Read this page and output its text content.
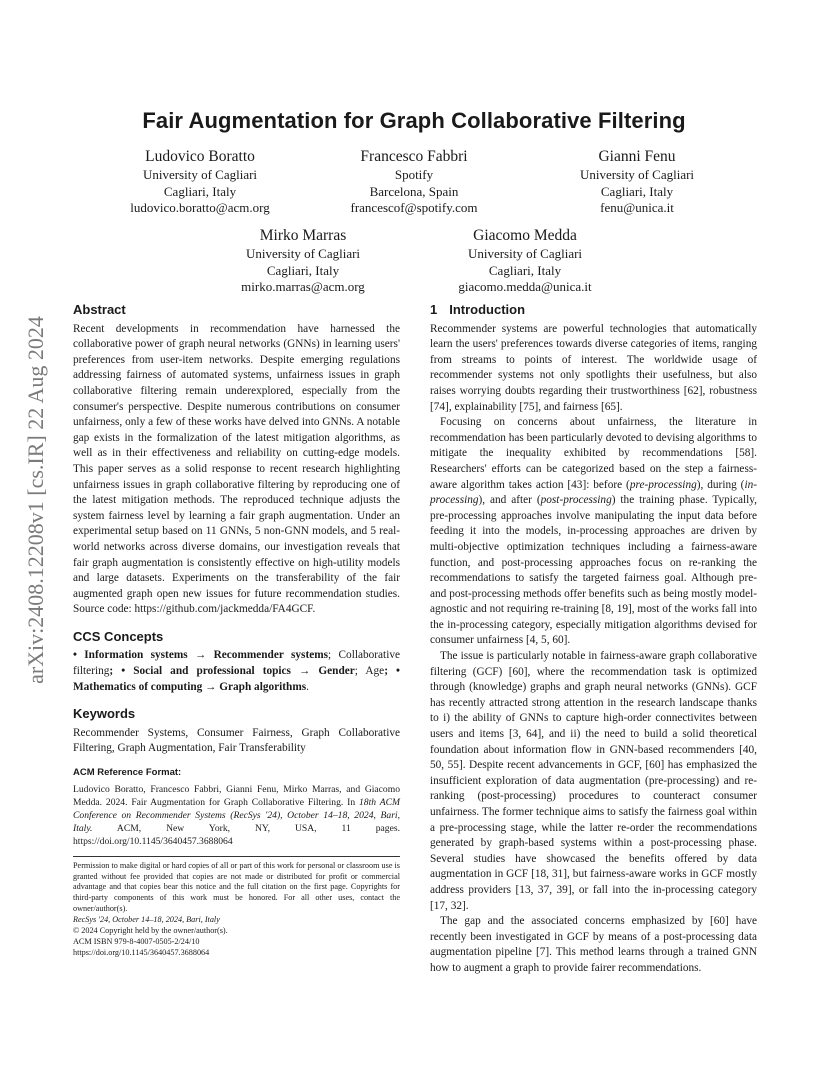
Fair Augmentation for Graph Collaborative Filtering
Ludovico Boratto
University of Cagliari
Cagliari, Italy
ludovico.boratto@acm.org
Francesco Fabbri
Spotify
Barcelona, Spain
francescof@spotify.com
Gianni Fenu
University of Cagliari
Cagliari, Italy
fenu@unica.it
Mirko Marras
University of Cagliari
Cagliari, Italy
mirko.marras@acm.org
Giacomo Medda
University of Cagliari
Cagliari, Italy
giacomo.medda@unica.it
arXiv:2408.12208v1 [cs.IR] 22 Aug 2024
Abstract

Recent developments in recommendation have harnessed the collaborative power of graph neural networks (GNNs) in learning users' preferences from user-item networks. Despite emerging regulations addressing fairness of automated systems, unfairness issues in graph collaborative filtering remain underexplored, especially from the consumer's perspective. Despite numerous contributions on consumer unfairness, only a few of these works have delved into GNNs. A notable gap exists in the formalization of the latest mitigation algorithms, as well as in their effectiveness and reliability on cutting-edge models. This paper serves as a solid response to recent research highlighting unfairness issues in graph collaborative filtering by reproducing one of the latest mitigation methods. The reproduced technique adjusts the system fairness level by learning a fair graph augmentation. Under an experimental setup based on 11 GNNs, 5 non-GNN models, and 5 real-world networks across diverse domains, our investigation reveals that fair graph augmentation is consistently effective on high-utility models and large datasets. Experiments on the transferability of the fair augmented graph open new issues for future recommendation studies. Source code: https://github.com/jackmedda/FA4GCF.

CCS Concepts

• Information systems → Recommender systems; Collaborative filtering; • Social and professional topics → Gender; Age; • Mathematics of computing → Graph algorithms.

Keywords

Recommender Systems, Consumer Fairness, Graph Collaborative Filtering, Graph Augmentation, Fair Transferability

ACM Reference Format:

Ludovico Boratto, Francesco Fabbri, Gianni Fenu, Mirko Marras, and Giacomo Medda. 2024. Fair Augmentation for Graph Collaborative Filtering. In 18th ACM Conference on Recommender Systems (RecSys '24), October 14–18, 2024, Bari, Italy. ACM, New York, NY, USA, 11 pages. https://doi.org/10.1145/3640457.3688064

Permission to make digital or hard copies of all or part of this work for personal or classroom use is granted without fee provided that copies are not made or distributed for profit or commercial advantage and that copies bear this notice and the full citation on the first page. Copyrights for third-party components of this work must be honored. For all other uses, contact the owner/author(s).

RecSys '24, October 14–18, 2024, Bari, Italy
© 2024 Copyright held by the owner/author(s).
ACM ISBN 979-8-4007-0505-2/24/10
https://doi.org/10.1145/3640457.3688064
1 Introduction

Recommender systems are powerful technologies that automatically learn the users' preferences towards diverse categories of items, ranging from streams to points of interest. The worldwide usage of recommender systems not only spotlights their usefulness, but also raises worrying doubts regarding their trustworthiness [62], robustness [74], explainability [75], and fairness [65].

Focusing on concerns about unfairness, the literature in recommendation has been particularly devoted to devising algorithms to mitigate the inequality exhibited by recommendations [58]. Researchers' efforts can be categorized based on the step a fairness-aware algorithm takes action [43]: before (pre-processing), during (in-processing), and after (post-processing) the training phase. Typically, pre-processing approaches involve manipulating the input data before feeding it into the models, in-processing approaches are driven by multi-objective optimization techniques including a fairness-aware function, and post-processing approaches focus on re-ranking the recommendations to satisfy the targeted fairness goal. Although pre- and post-processing methods offer benefits such as being mostly model-agnostic and not requiring re-training [8, 19], most of the works fall into the in-processing category, especially mitigation algorithms devised for consumer unfairness [4, 5, 60].

The issue is particularly notable in fairness-aware graph collaborative filtering (GCF) [60], where the recommendation task is optimized through (knowledge) graphs and graph neural networks (GNNs). GCF has recently attracted strong attention in the research landscape thanks to i) the ability of GNNs to capture high-order connectivites between users and items [3, 64], and ii) the need to build a solid theoretical foundation about information flow in GNN-based recommenders [40, 50, 55]. Despite recent advancements in GCF, [60] has emphasized the insufficient exploration of data augmentation (pre-processing) and re-ranking (post-processing) procedures to counteract consumer unfairness. The former technique aims to satisfy the fairness goal within a pre-processing stage, while the latter re-order the recommendations generated by graph-based systems within a post-processing phase. Several studies have showcased the benefits offered by data augmentation in GCF [18, 31], but fairness-aware works in GCF mostly address providers [13, 37, 39], or fall into the in-processing category [17, 32].

The gap and the associated concerns emphasized by [60] have recently been investigated in GCF by means of a post-processing data augmentation pipeline [7]. This method learns through a trained GNN how to augment a graph to provide fairer recommendations.
